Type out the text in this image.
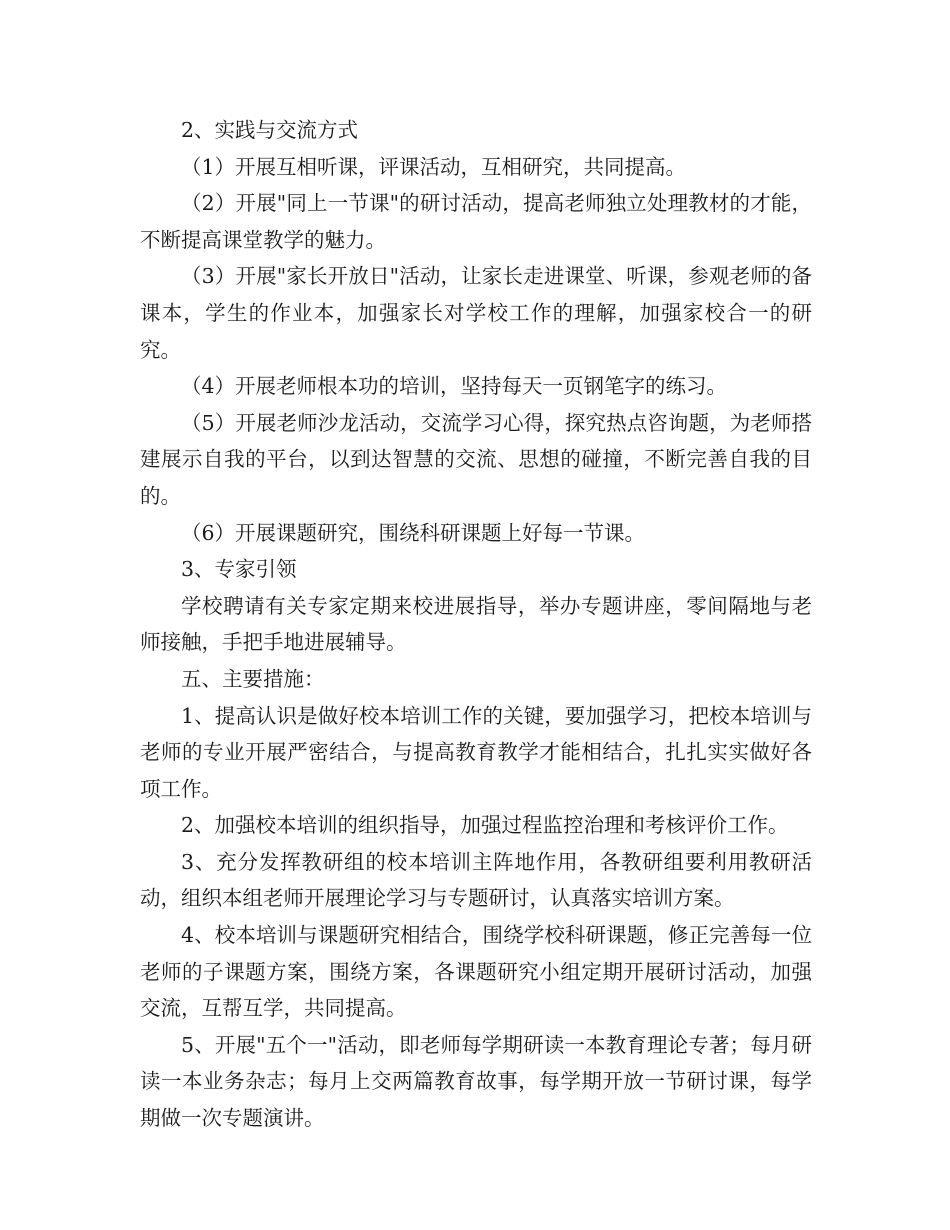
2、实践与交流方式

（1）开展互相听课，评课活动，互相研究，共同提高。

（2）开展"同上一节课"的研讨活动，提高老师独立处理教材的才能，不断提高课堂教学的魅力。

（3）开展"家长开放日"活动，让家长走进课堂、听课，参观老师的备课本，学生的作业本，加强家长对学校工作的理解，加强家校合一的研究。

（4）开展老师根本功的培训，坚持每天一页钢笔字的练习。

（5）开展老师沙龙活动，交流学习心得，探究热点咨询题，为老师搭建展示自我的平台，以到达智慧的交流、思想的碰撞，不断完善自我的目的。

（6）开展课题研究，围绕科研课题上好每一节课。

3、专家引领

学校聘请有关专家定期来校进展指导，举办专题讲座，零间隔地与老师接触，手把手地进展辅导。

五、主要措施：

1、提高认识是做好校本培训工作的关键，要加强学习，把校本培训与老师的专业开展严密结合，与提高教育教学才能相结合，扎扎实实做好各项工作。

2、加强校本培训的组织指导，加强过程监控治理和考核评价工作。

3、充分发挥教研组的校本培训主阵地作用，各教研组要利用教研活动，组织本组老师开展理论学习与专题研讨，认真落实培训方案。

4、校本培训与课题研究相结合，围绕学校科研课题，修正完善每一位老师的子课题方案，围绕方案，各课题研究小组定期开展研讨活动，加强交流，互帮互学，共同提高。

5、开展"五个一"活动，即老师每学期研读一本教育理论专著；每月研读一本业务杂志；每月上交两篇教育故事，每学期开放一节研讨课，每学期做一次专题演讲。
